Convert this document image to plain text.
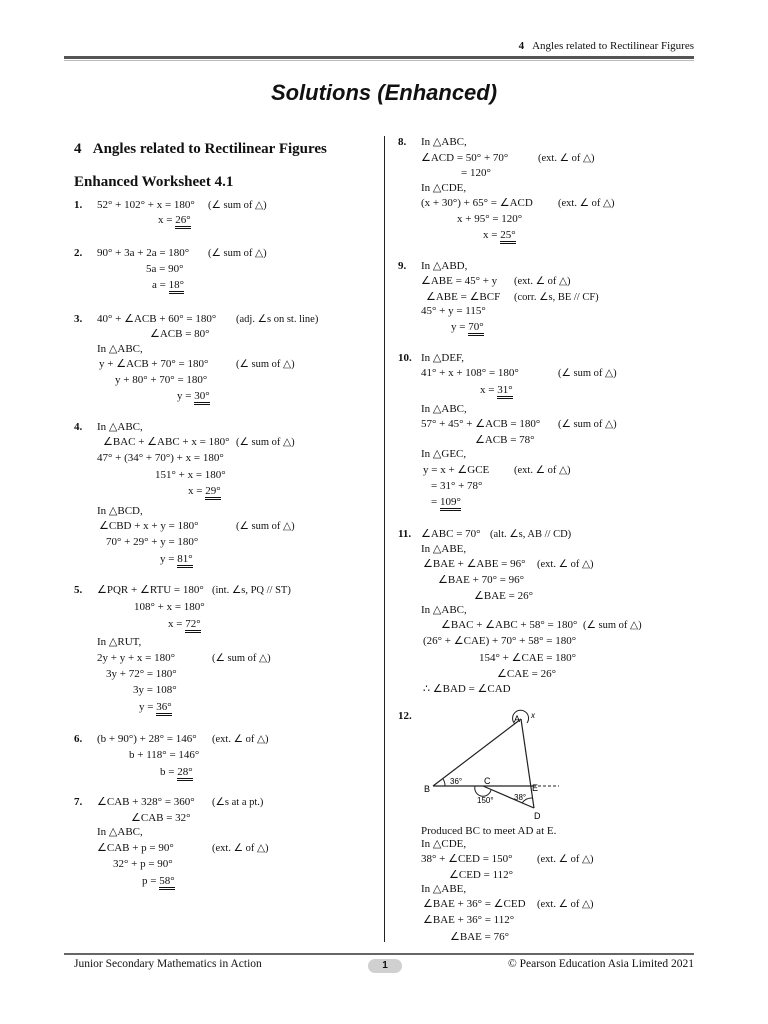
4 Angles related to Rectilinear Figures
Solutions (Enhanced)
4 Angles related to Rectilinear Figures
Enhanced Worksheet 4.1
1. 52° + 102° + x = 180° (∠ sum of △)
x = 26°
2. 90° + 3a + 2a = 180° (∠ sum of △)
5a = 90°
a = 18°
3. 40° + ∠ACB + 60° = 180° (adj. ∠s on st. line)
∠ACB = 80°
In △ABC,
y + ∠ACB + 70° = 180°	(∠ sum of △)
y + 80° + 70° = 180°
y = 30°
4. In △ABC,
∠BAC + ∠ABC + x = 180° (∠ sum of △)
47° + (34° + 70°) + x = 180°
151° + x = 180°
x = 29°
In △BCD,
∠CBD + x + y = 180°	(∠ sum of △)
70° + 29° + y = 180°
y = 81°
5. ∠PQR + ∠RTU = 180° (int. ∠s, PQ // ST)
108° + x = 180°
x = 72°
In △RUT,
2y + y + x = 180°	(∠ sum of △)
3y + 72° = 180°
3y = 108°
y = 36°
6. (b + 90°) + 28° = 146° (ext. ∠ of △)
b + 118° = 146°
b = 28°
7. ∠CAB + 328° = 360° (∠s at a pt.)
∠CAB = 32°
In △ABC,
∠CAB + p = 90°	(ext. ∠ of △)
32° + p = 90°
p = 58°
8. In △ABC,
∠ACD = 50° + 70°	(ext. ∠ of △)
= 120°
In △CDE,
(x + 30°) + 65° = ∠ACD (ext. ∠ of △)
x + 95° = 120°
x = 25°
9. In △ABD,
∠ABE = 45° + y (ext. ∠ of △)
∠ABE = ∠BCF (corr. ∠s, BE // CF)
45° + y = 115°
y = 70°
10. In △DEF,
41° + x + 108° = 180°	(∠ sum of △)
x = 31°
In △ABC,
57° + 45° + ∠ACB = 180° (∠ sum of △)
∠ACB = 78°
In △GEC,
y = x + ∠GCE (ext. ∠ of △)
= 31° + 78°
= 109°
11. ∠ABC = 70° (alt. ∠s, AB // CD)
In △ABE,
∠BAE + ∠ABE = 96° (ext. ∠ of △)
∠BAE + 70° = 96°
∠BAE = 26°
In △ABC,
∠BAC + ∠ABC + 58° = 180° (∠ sum of △)
(26° + ∠CAE) + 70° + 58° = 180°
154° + ∠CAE = 180°
∠CAE = 26°
∴ ∠BAD = ∠CAD
12.	A x
B
C
D
E
36°
150°	38°
Produced BC to meet AD at E.
In △CDE,
38° + ∠CED = 150° (ext. ∠ of △)
∠CED = 112°
In △ABE,
∠BAE + 36° = ∠CED (ext. ∠ of △)
∠BAE + 36° = 112°
∠BAE = 76°
Junior Secondary Mathematics in Action	1	© Pearson Education Asia Limited 2021
